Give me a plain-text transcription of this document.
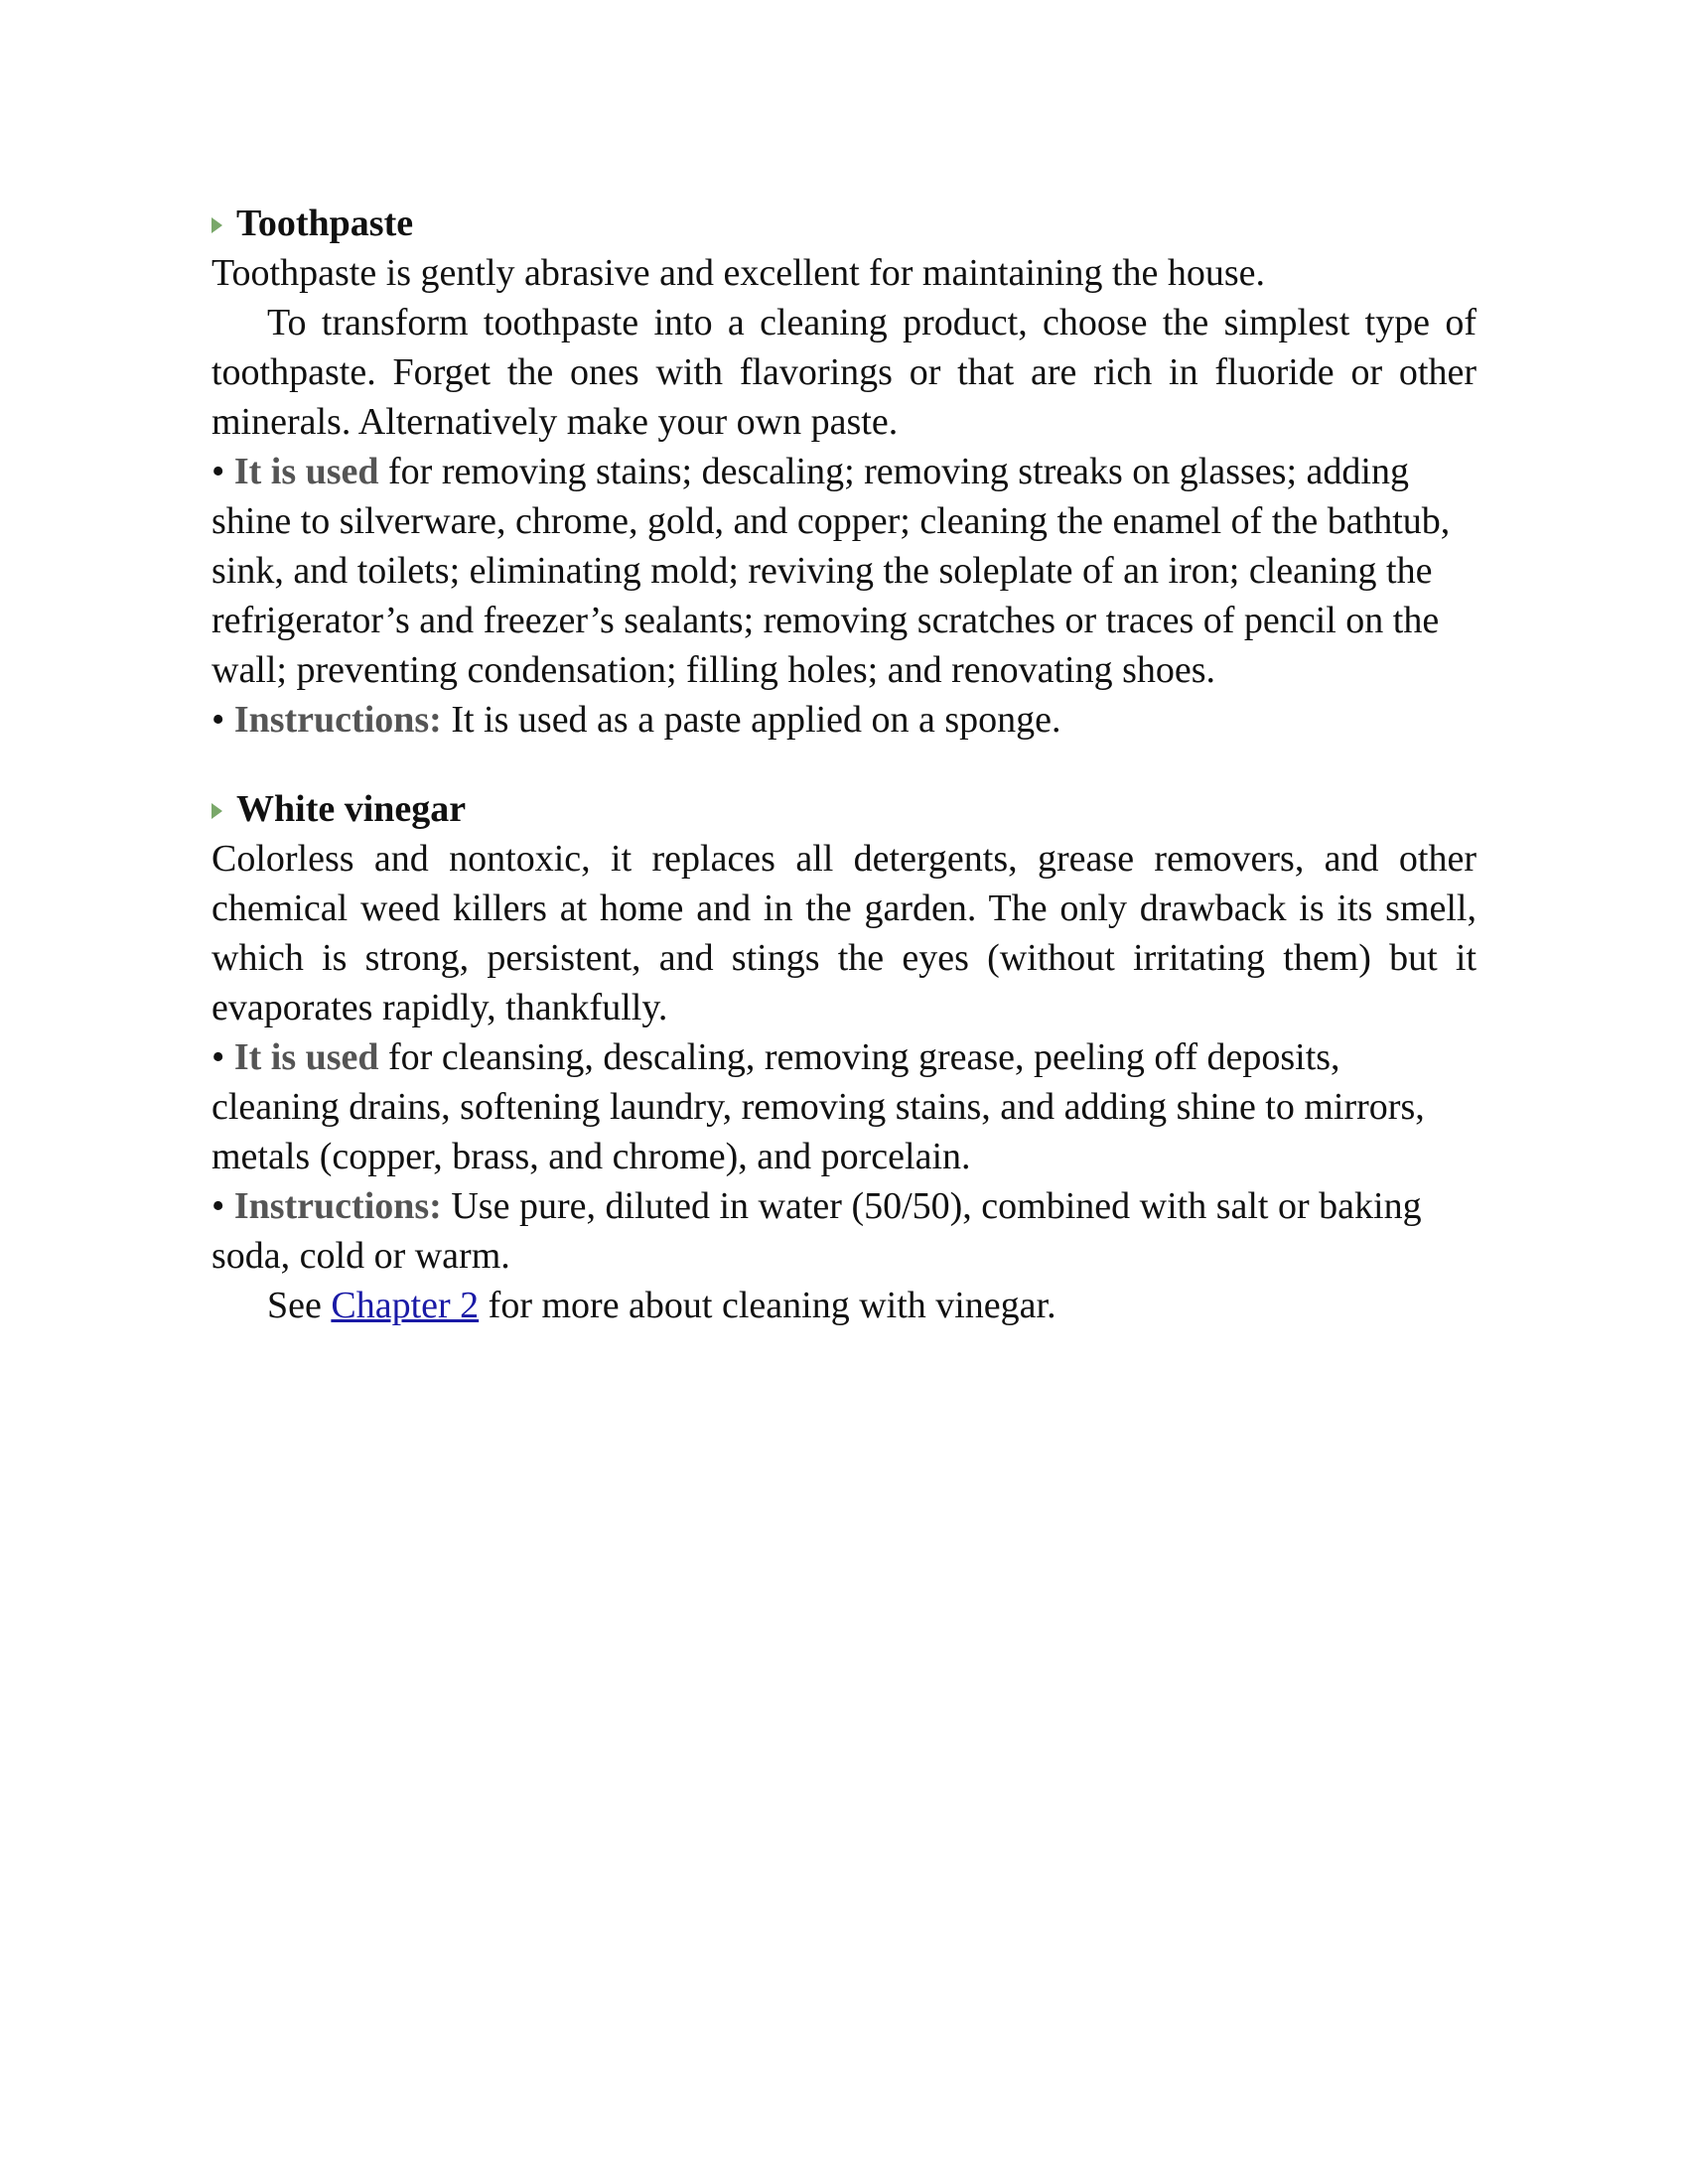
Toothpaste

Toothpaste is gently abrasive and excellent for maintaining the house.

To transform toothpaste into a cleaning product, choose the simplest type of toothpaste. Forget the ones with flavorings or that are rich in fluoride or other minerals. Alternatively make your own paste.

• It is used for removing stains; descaling; removing streaks on glasses; adding shine to silverware, chrome, gold, and copper; cleaning the enamel of the bathtub, sink, and toilets; eliminating mold; reviving the soleplate of an iron; cleaning the refrigerator’s and freezer’s sealants; removing scratches or traces of pencil on the wall; preventing condensation; filling holes; and renovating shoes.

• Instructions: It is used as a paste applied on a sponge.

White vinegar

Colorless and nontoxic, it replaces all detergents, grease removers, and other chemical weed killers at home and in the garden. The only drawback is its smell, which is strong, persistent, and stings the eyes (without irritating them) but it evaporates rapidly, thankfully.

• It is used for cleansing, descaling, removing grease, peeling off deposits, cleaning drains, softening laundry, removing stains, and adding shine to mirrors, metals (copper, brass, and chrome), and porcelain.

• Instructions: Use pure, diluted in water (50/50), combined with salt or baking soda, cold or warm.

See Chapter 2 for more about cleaning with vinegar.
